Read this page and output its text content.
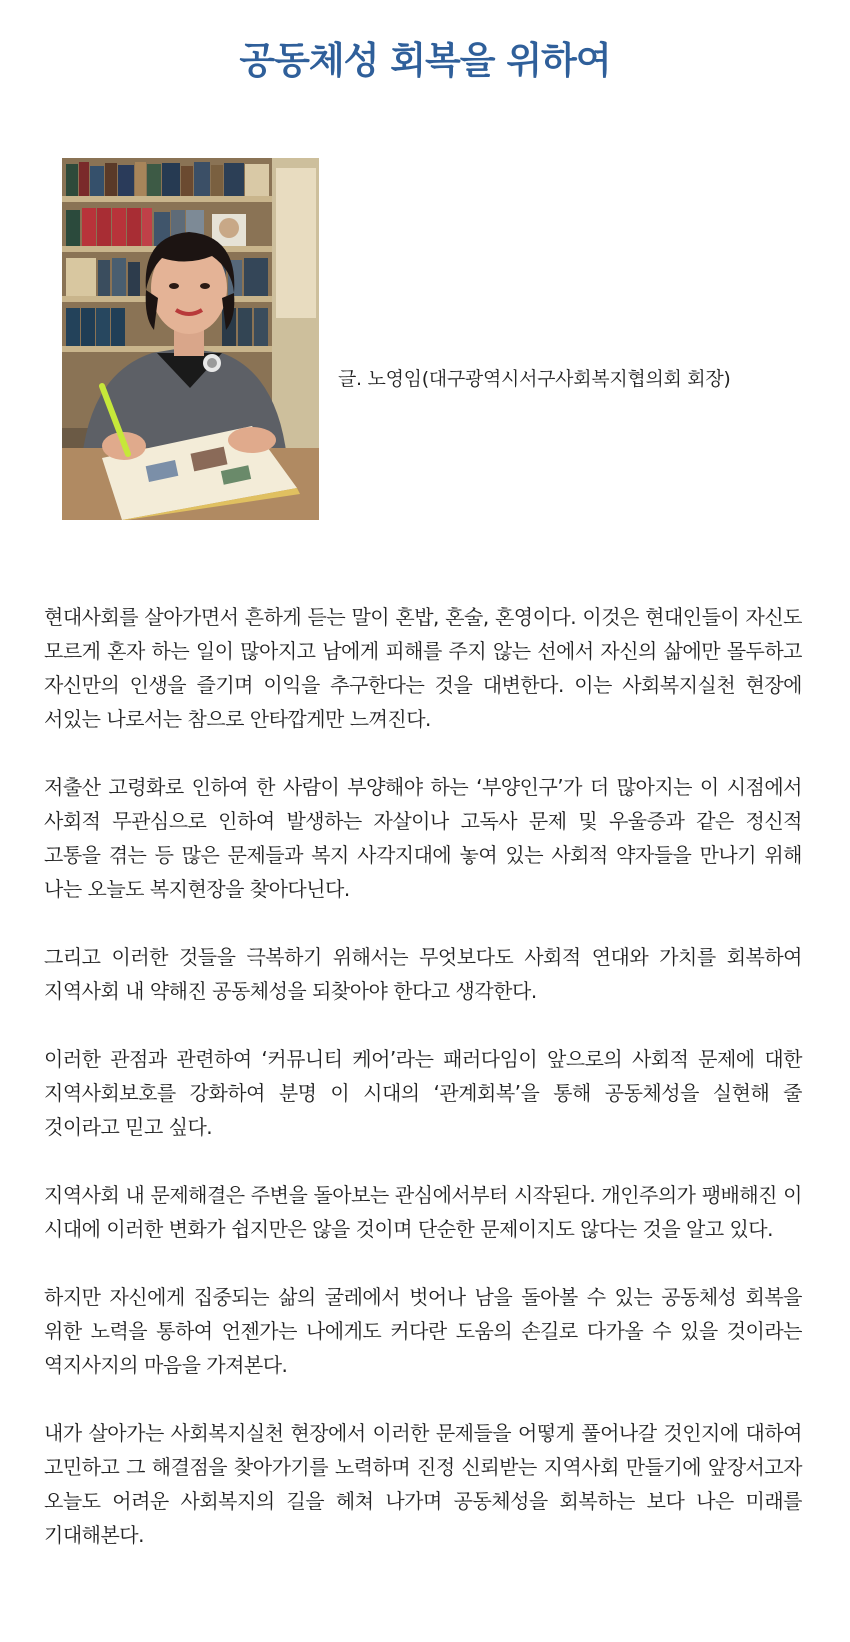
공동체성 회복을 위하여
글. 노영임(대구광역시서구사회복지협의회 회장)

현대사회를 살아가면서 흔하게 듣는 말이 혼밥, 혼술, 혼영이다. 이것은 현대인들이 자신도 모르게 혼자 하는 일이 많아지고 남에게 피해를 주지 않는 선에서 자신의 삶에만 몰두하고 자신만의 인생을 즐기며 이익을 추구한다는 것을 대변한다. 이는 사회복지실천 현장에 서있는 나로서는 참으로 안타깝게만 느껴진다.

저출산 고령화로 인하여 한 사람이 부양해야 하는 ‘부양인구’가 더 많아지는 이 시점에서 사회적 무관심으로 인하여 발생하는 자살이나 고독사 문제 및 우울증과 같은 정신적 고통을 겪는 등 많은 문제들과 복지 사각지대에 놓여 있는 사회적 약자들을 만나기 위해 나는 오늘도 복지현장을 찾아다닌다.

그리고 이러한 것들을 극복하기 위해서는 무엇보다도 사회적 연대와 가치를 회복하여 지역사회 내 약해진 공동체성을 되찾아야 한다고 생각한다.

이러한 관점과 관련하여 ‘커뮤니티 케어’라는 패러다임이 앞으로의 사회적 문제에 대한 지역사회보호를 강화하여 분명 이 시대의 ‘관계회복’을 통해 공동체성을 실현해 줄 것이라고 믿고 싶다.

지역사회 내 문제해결은 주변을 돌아보는 관심에서부터 시작된다. 개인주의가 팽배해진 이 시대에 이러한 변화가 쉽지만은 않을 것이며 단순한 문제이지도 않다는 것을 알고 있다.

하지만 자신에게 집중되는 삶의 굴레에서 벗어나 남을 돌아볼 수 있는 공동체성 회복을 위한 노력을 통하여 언젠가는 나에게도 커다란 도움의 손길로 다가올 수 있을 것이라는 역지사지의 마음을 가져본다.

내가 살아가는 사회복지실천 현장에서 이러한 문제들을 어떻게 풀어나갈 것인지에 대하여 고민하고 그 해결점을 찾아가기를 노력하며 진정 신뢰받는 지역사회 만들기에 앞장서고자 오늘도 어려운 사회복지의 길을 헤쳐 나가며 공동체성을 회복하는 보다 나은 미래를 기대해본다.
